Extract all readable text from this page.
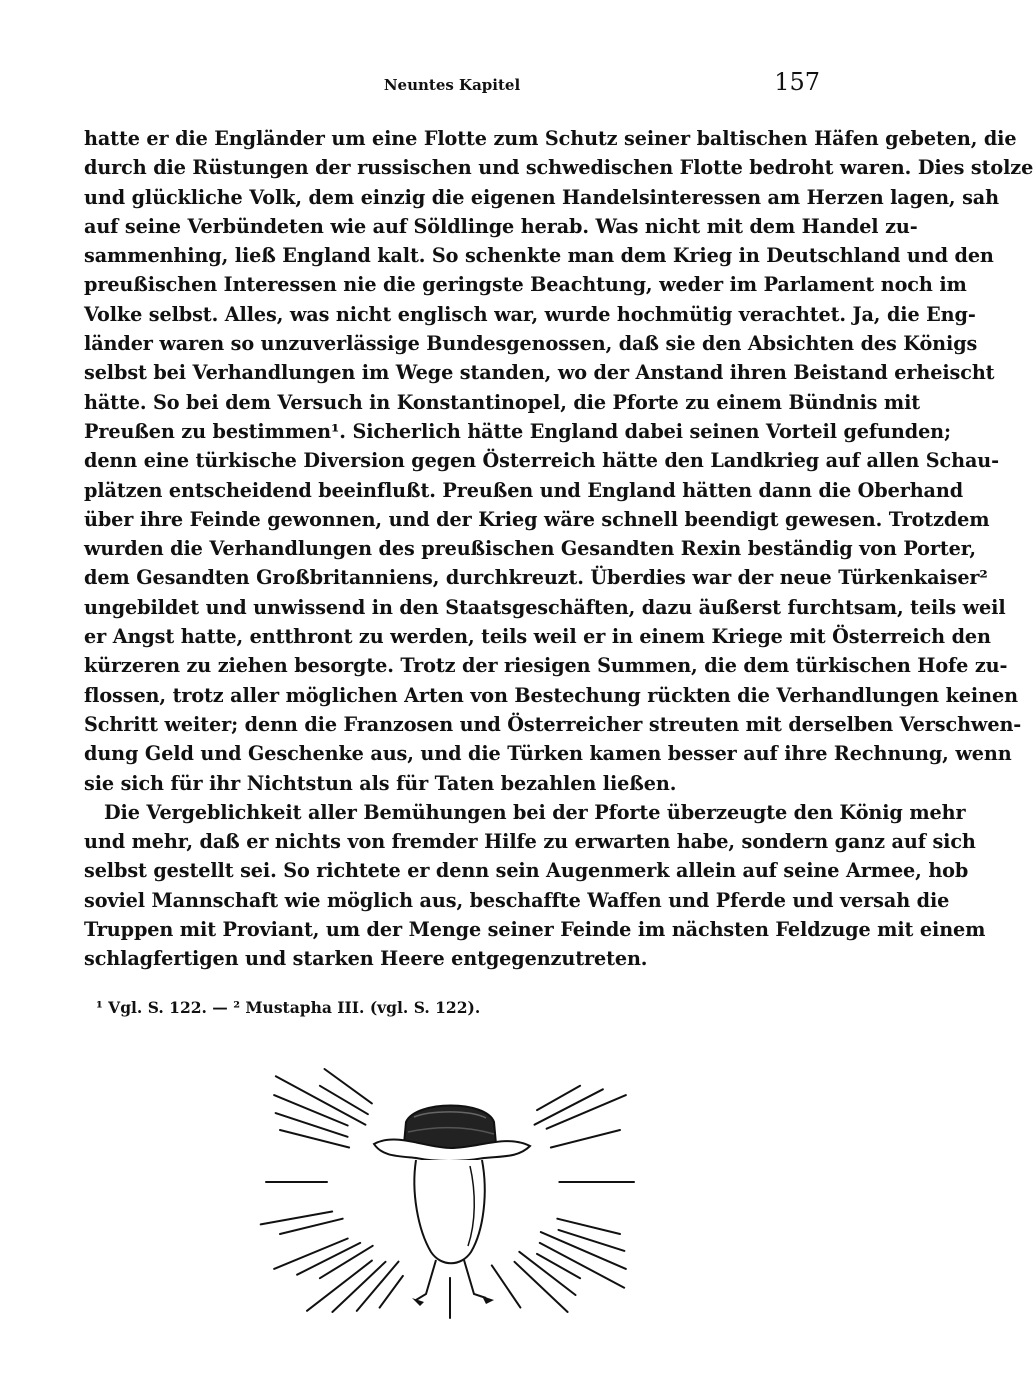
Neuntes Kapitel	157

hatte er die Engländer um eine Flotte zum Schutz seiner baltischen Häfen gebeten, die
durch die Rüstungen der russischen und schwedischen Flotte bedroht waren. Dies stolze
und glückliche Volk, dem einzig die eigenen Handelsinteressen am Herzen lagen, sah
auf seine Verbündeten wie auf Söldlinge herab. Was nicht mit dem Handel zu-
sammenhing, ließ England kalt. So schenkte man dem Krieg in Deutschland und den
preußischen Interessen nie die geringste Beachtung, weder im Parlament noch im
Volke selbst. Alles, was nicht englisch war, wurde hochmütig verachtet. Ja, die Eng-
länder waren so unzuverlässige Bundesgenossen, daß sie den Absichten des Königs
selbst bei Verhandlungen im Wege standen, wo der Anstand ihren Beistand erheischt
hätte. So bei dem Versuch in Konstantinopel, die Pforte zu einem Bündnis mit
Preußen zu bestimmen¹. Sicherlich hätte England dabei seinen Vorteil gefunden;
denn eine türkische Diversion gegen Österreich hätte den Landkrieg auf allen Schau-
plätzen entscheidend beeinflußt. Preußen und England hätten dann die Oberhand
über ihre Feinde gewonnen, und der Krieg wäre schnell beendigt gewesen. Trotzdem
wurden die Verhandlungen des preußischen Gesandten Rexin beständig von Porter,
dem Gesandten Großbritanniens, durchkreuzt. Überdies war der neue Türkenkaiser²
ungebildet und unwissend in den Staatsgeschäften, dazu äußerst furchtsam, teils weil
er Angst hatte, entthront zu werden, teils weil er in einem Kriege mit Österreich den
kürzeren zu ziehen besorgte. Trotz der riesigen Summen, die dem türkischen Hofe zu-
flossen, trotz aller möglichen Arten von Bestechung rückten die Verhandlungen keinen
Schritt weiter; denn die Franzosen und Österreicher streuten mit derselben Verschwen-
dung Geld und Geschenke aus, und die Türken kamen besser auf ihre Rechnung, wenn
sie sich für ihr Nichtstun als für Taten bezahlen ließen.

Die Vergeblichkeit aller Bemühungen bei der Pforte überzeugte den König mehr
und mehr, daß er nichts von fremder Hilfe zu erwarten habe, sondern ganz auf sich
selbst gestellt sei. So richtete er denn sein Augenmerk allein auf seine Armee, hob
soviel Mannschaft wie möglich aus, beschaffte Waffen und Pferde und versah die
Truppen mit Proviant, um der Menge seiner Feinde im nächsten Feldzuge mit einem
schlagfertigen und starken Heere entgegenzutreten.

¹ Vgl. S. 122. — ² Mustapha III. (vgl. S. 122).
